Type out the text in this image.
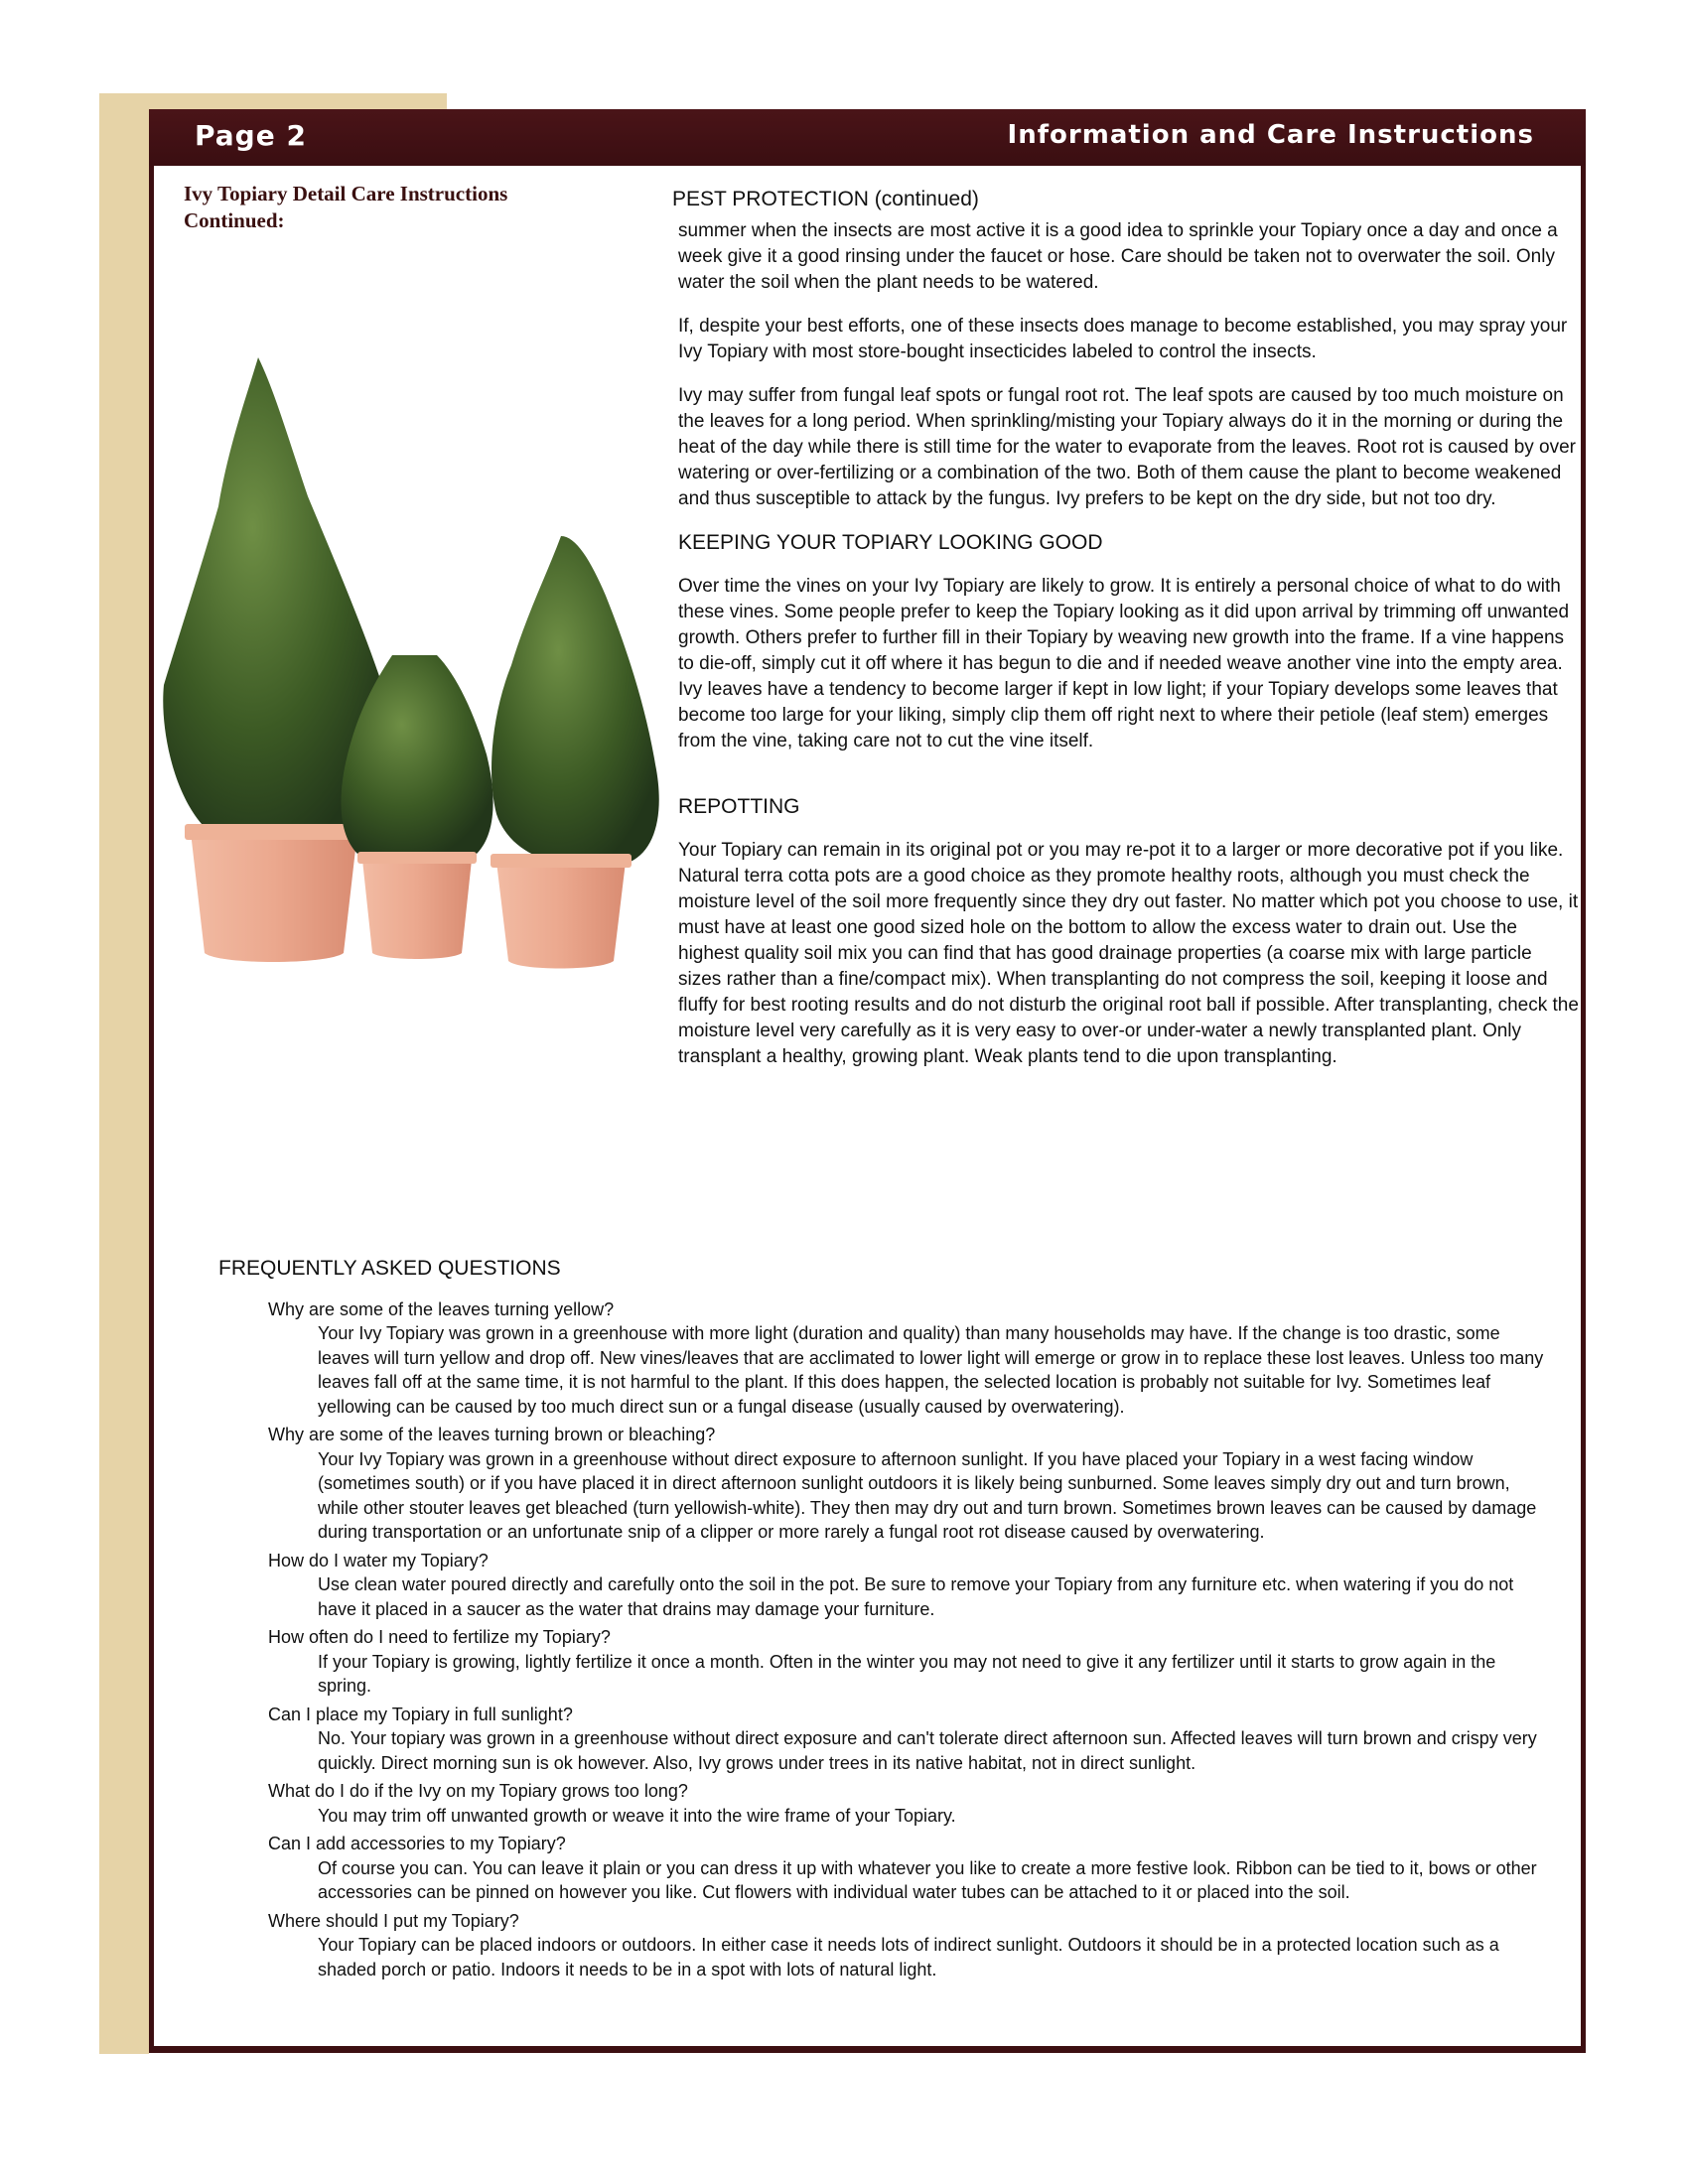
Page 2	Information and Care Instructions
Ivy Topiary Detail Care Instructions
Continued:
PEST PROTECTION (continued)

summer when the insects are most active it is a good idea to sprinkle your Topiary once a day and once a week give it a good rinsing under the faucet or hose. Care should be taken not to overwater the soil. Only water the soil when the plant needs to be watered.

If, despite your best efforts, one of these insects does manage to become established, you may spray your Ivy Topiary with most store-bought insecticides labeled to control the insects.

Ivy may suffer from fungal leaf spots or fungal root rot. The leaf spots are caused by too much moisture on the leaves for a long period. When sprinkling/misting your Topiary always do it in the morning or during the heat of the day while there is still time for the water to evaporate from the leaves. Root rot is caused by over watering or over-fertilizing or a combination of the two. Both of them cause the plant to become weakened and thus susceptible to attack by the fungus. Ivy prefers to be kept on the dry side, but not too dry.

KEEPING YOUR TOPIARY LOOKING GOOD

Over time the vines on your Ivy Topiary are likely to grow. It is entirely a personal choice of what to do with these vines. Some people prefer to keep the Topiary looking as it did upon arrival by trimming off unwanted growth. Others prefer to further fill in their Topiary by weaving new growth into the frame. If a vine happens to die-off, simply cut it off where it has begun to die and if needed weave another vine into the empty area. Ivy leaves have a tendency to become larger if kept in low light; if your Topiary develops some leaves that become too large for your liking, simply clip them off right next to where their petiole (leaf stem) emerges from the vine, taking care not to cut the vine itself.

REPOTTING

Your Topiary can remain in its original pot or you may re-pot it to a larger or more decorative pot if you like. Natural terra cotta pots are a good choice as they promote healthy roots, although you must check the moisture level of the soil more frequently since they dry out faster. No matter which pot you choose to use, it must have at least one good sized hole on the bottom to allow the excess water to drain out. Use the highest quality soil mix you can find that has good drainage properties (a coarse mix with large particle sizes rather than a fine/compact mix). When transplanting do not compress the soil, keeping it loose and fluffy for best rooting results and do not disturb the original root ball if possible. After transplanting, check the moisture level very carefully as it is very easy to over-or under-water a newly transplanted plant. Only transplant a healthy, growing plant. Weak plants tend to die upon transplanting.

FREQUENTLY ASKED QUESTIONS
Why are some of the leaves turning yellow?
Your Ivy Topiary was grown in a greenhouse with more light (duration and quality) than many households may have. If the change is too drastic, some leaves will turn yellow and drop off. New vines/leaves that are acclimated to lower light will emerge or grow in to replace these lost leaves. Unless too many leaves fall off at the same time, it is not harmful to the plant. If this does happen, the selected location is probably not suitable for Ivy. Sometimes leaf yellowing can be caused by too much direct sun or a fungal disease (usually caused by overwatering).
Why are some of the leaves turning brown or bleaching?
Your Ivy Topiary was grown in a greenhouse without direct exposure to afternoon sunlight. If you have placed your Topiary in a west facing window (sometimes south) or if you have placed it in direct afternoon sunlight outdoors it is likely being sunburned. Some leaves simply dry out and turn brown, while other stouter leaves get bleached (turn yellowish-white). They then may dry out and turn brown. Sometimes brown leaves can be caused by damage during transportation or an unfortunate snip of a clipper or more rarely a fungal root rot disease caused by overwatering.
How do I water my Topiary?
Use clean water poured directly and carefully onto the soil in the pot. Be sure to remove your Topiary from any furniture etc. when watering if you do not have it placed in a saucer as the water that drains may damage your furniture.
How often do I need to fertilize my Topiary?
If your Topiary is growing, lightly fertilize it once a month. Often in the winter you may not need to give it any fertilizer until it starts to grow again in the spring.
Can I place my Topiary in full sunlight?
No. Your topiary was grown in a greenhouse without direct exposure and can't tolerate direct afternoon sun. Affected leaves will turn brown and crispy very quickly. Direct morning sun is ok however. Also, Ivy grows under trees in its native habitat, not in direct sunlight.
What do I do if the Ivy on my Topiary grows too long?
You may trim off unwanted growth or weave it into the wire frame of your Topiary.
Can I add accessories to my Topiary?
Of course you can. You can leave it plain or you can dress it up with whatever you like to create a more festive look. Ribbon can be tied to it, bows or other accessories can be pinned on however you like. Cut flowers with individual water tubes can be attached to it or placed into the soil.
Where should I put my Topiary?
Your Topiary can be placed indoors or outdoors. In either case it needs lots of indirect sunlight. Outdoors it should be in a protected location such as a shaded porch or patio. Indoors it needs to be in a spot with lots of natural light.
